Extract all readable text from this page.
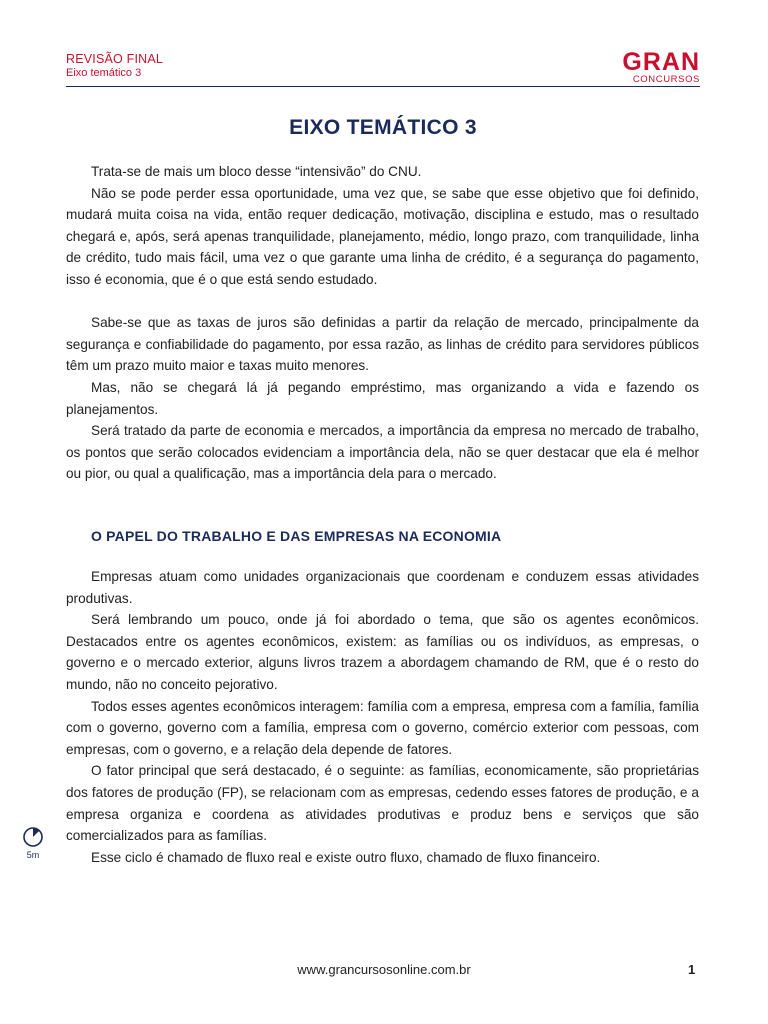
REVISÃO FINAL
Eixo temático 3	GRAN
CONCURSOS
EIXO TEMÁTICO 3

Trata-se de mais um bloco desse “intensivão” do CNU.

Não se pode perder essa oportunidade, uma vez que, se sabe que esse objetivo que foi definido, mudará muita coisa na vida, então requer dedicação, motivação, disciplina e estudo, mas o resultado chegará e, após, será apenas tranquilidade, planejamento, médio, longo prazo, com tranquilidade, linha de crédito, tudo mais fácil, uma vez o que garante uma linha de crédito, é a segurança do pagamento, isso é economia, que é o que está sendo estudado.

Sabe-se que as taxas de juros são definidas a partir da relação de mercado, principalmente da segurança e confiabilidade do pagamento, por essa razão, as linhas de crédito para servidores públicos têm um prazo muito maior e taxas muito menores.

Mas, não se chegará lá já pegando empréstimo, mas organizando a vida e fazendo os planejamentos.

Será tratado da parte de economia e mercados, a importância da empresa no mercado de trabalho, os pontos que serão colocados evidenciam a importância dela, não se quer destacar que ela é melhor ou pior, ou qual a qualificação, mas a importância dela para o mercado.

O PAPEL DO TRABALHO E DAS EMPRESAS NA ECONOMIA

Empresas atuam como unidades organizacionais que coordenam e conduzem essas atividades produtivas.

Será lembrando um pouco, onde já foi abordado o tema, que são os agentes econômicos. Destacados entre os agentes econômicos, existem: as famílias ou os indivíduos, as empresas, o governo e o mercado exterior, alguns livros trazem a abordagem chamando de RM, que é o resto do mundo, não no conceito pejorativo.

Todos esses agentes econômicos interagem: família com a empresa, empresa com a família, família com o governo, governo com a família, empresa com o governo, comércio exterior com pessoas, com empresas, com o governo, e a relação dela depende de fatores.

O fator principal que será destacado, é o seguinte: as famílias, economicamente, são proprietárias dos fatores de produção (FP), se relacionam com as empresas, cedendo esses fatores de produção, e a empresa organiza e coordena as atividades produtivas e produz bens e serviços que são comercializados para as famílias.

Esse ciclo é chamado de fluxo real e existe outro fluxo, chamado de fluxo financeiro.

5m
www.grancursosonline.com.br	1
